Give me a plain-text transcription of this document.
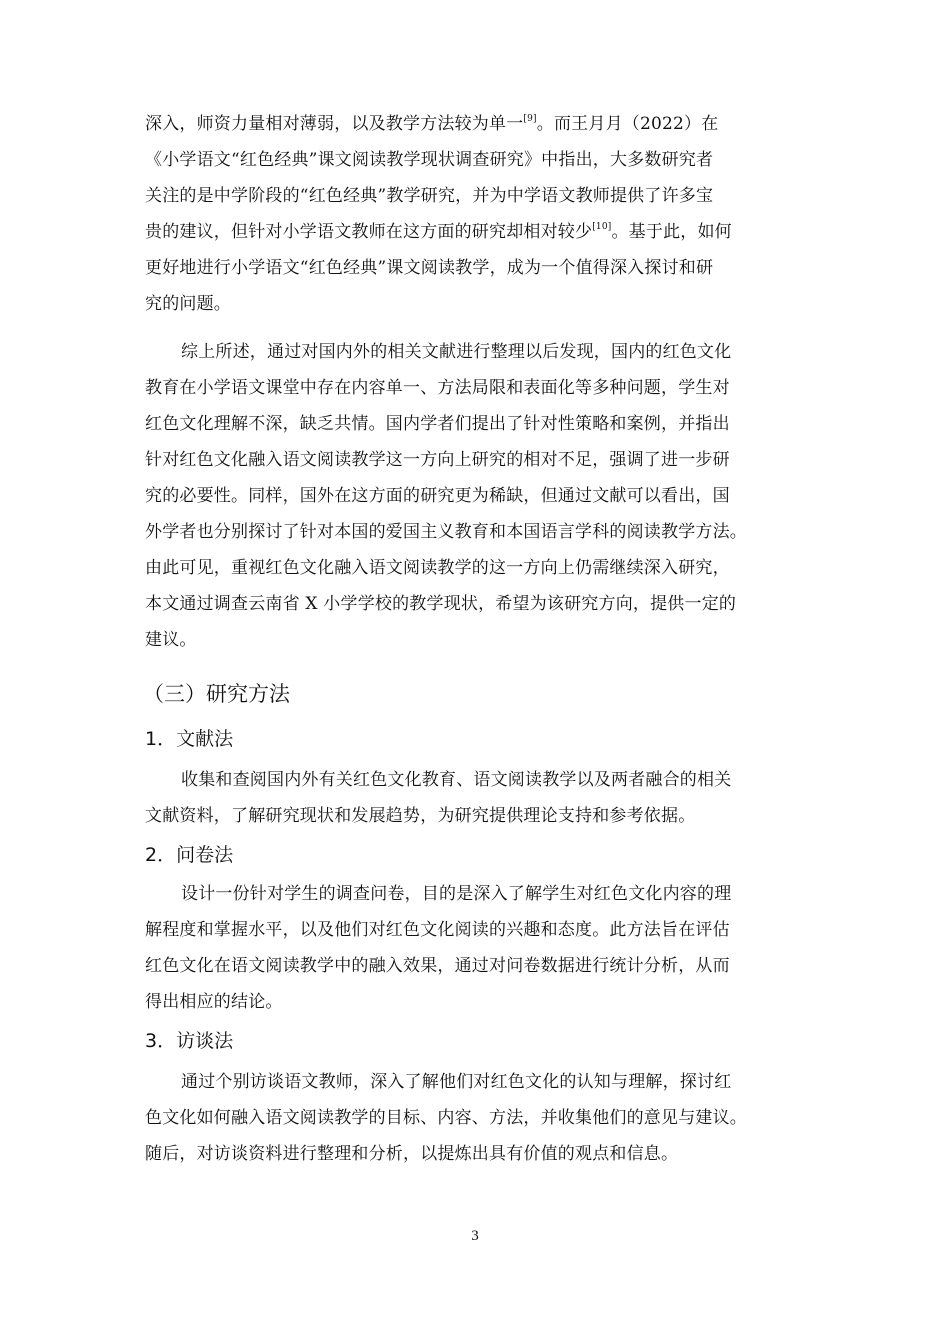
深入，师资力量相对薄弱，以及教学方法较为单一[9]。而王月月（2022）在
《小学语文“红色经典”课文阅读教学现状调查研究》中指出，大多数研究者
关注的是中学阶段的“红色经典”教学研究，并为中学语文教师提供了许多宝
贵的建议，但针对小学语文教师在这方面的研究却相对较少[10]。基于此，如何
更好地进行小学语文“红色经典”课文阅读教学，成为一个值得深入探讨和研
究的问题。
综上所述，通过对国内外的相关文献进行整理以后发现，国内的红色文化
教育在小学语文课堂中存在内容单一、方法局限和表面化等多种问题，学生对
红色文化理解不深，缺乏共情。国内学者们提出了针对性策略和案例，并指出
针对红色文化融入语文阅读教学这一方向上研究的相对不足，强调了进一步研
究的必要性。同样，国外在这方面的研究更为稀缺，但通过文献可以看出，国
外学者也分别探讨了针对本国的爱国主义教育和本国语言学科的阅读教学方法。
由此可见，重视红色文化融入语文阅读教学的这一方向上仍需继续深入研究，
本文通过调查云南省 X 小学学校的教学现状，希望为该研究方向，提供一定的
建议。
（三）研究方法
1．文献法
收集和查阅国内外有关红色文化教育、语文阅读教学以及两者融合的相关
文献资料，了解研究现状和发展趋势，为研究提供理论支持和参考依据。
2．问卷法
设计一份针对学生的调查问卷，目的是深入了解学生对红色文化内容的理
解程度和掌握水平，以及他们对红色文化阅读的兴趣和态度。此方法旨在评估
红色文化在语文阅读教学中的融入效果，通过对问卷数据进行统计分析，从而
得出相应的结论。
3．访谈法
通过个别访谈语文教师，深入了解他们对红色文化的认知与理解，探讨红
色文化如何融入语文阅读教学的目标、内容、方法，并收集他们的意见与建议。
随后，对访谈资料进行整理和分析，以提炼出具有价值的观点和信息。
3
